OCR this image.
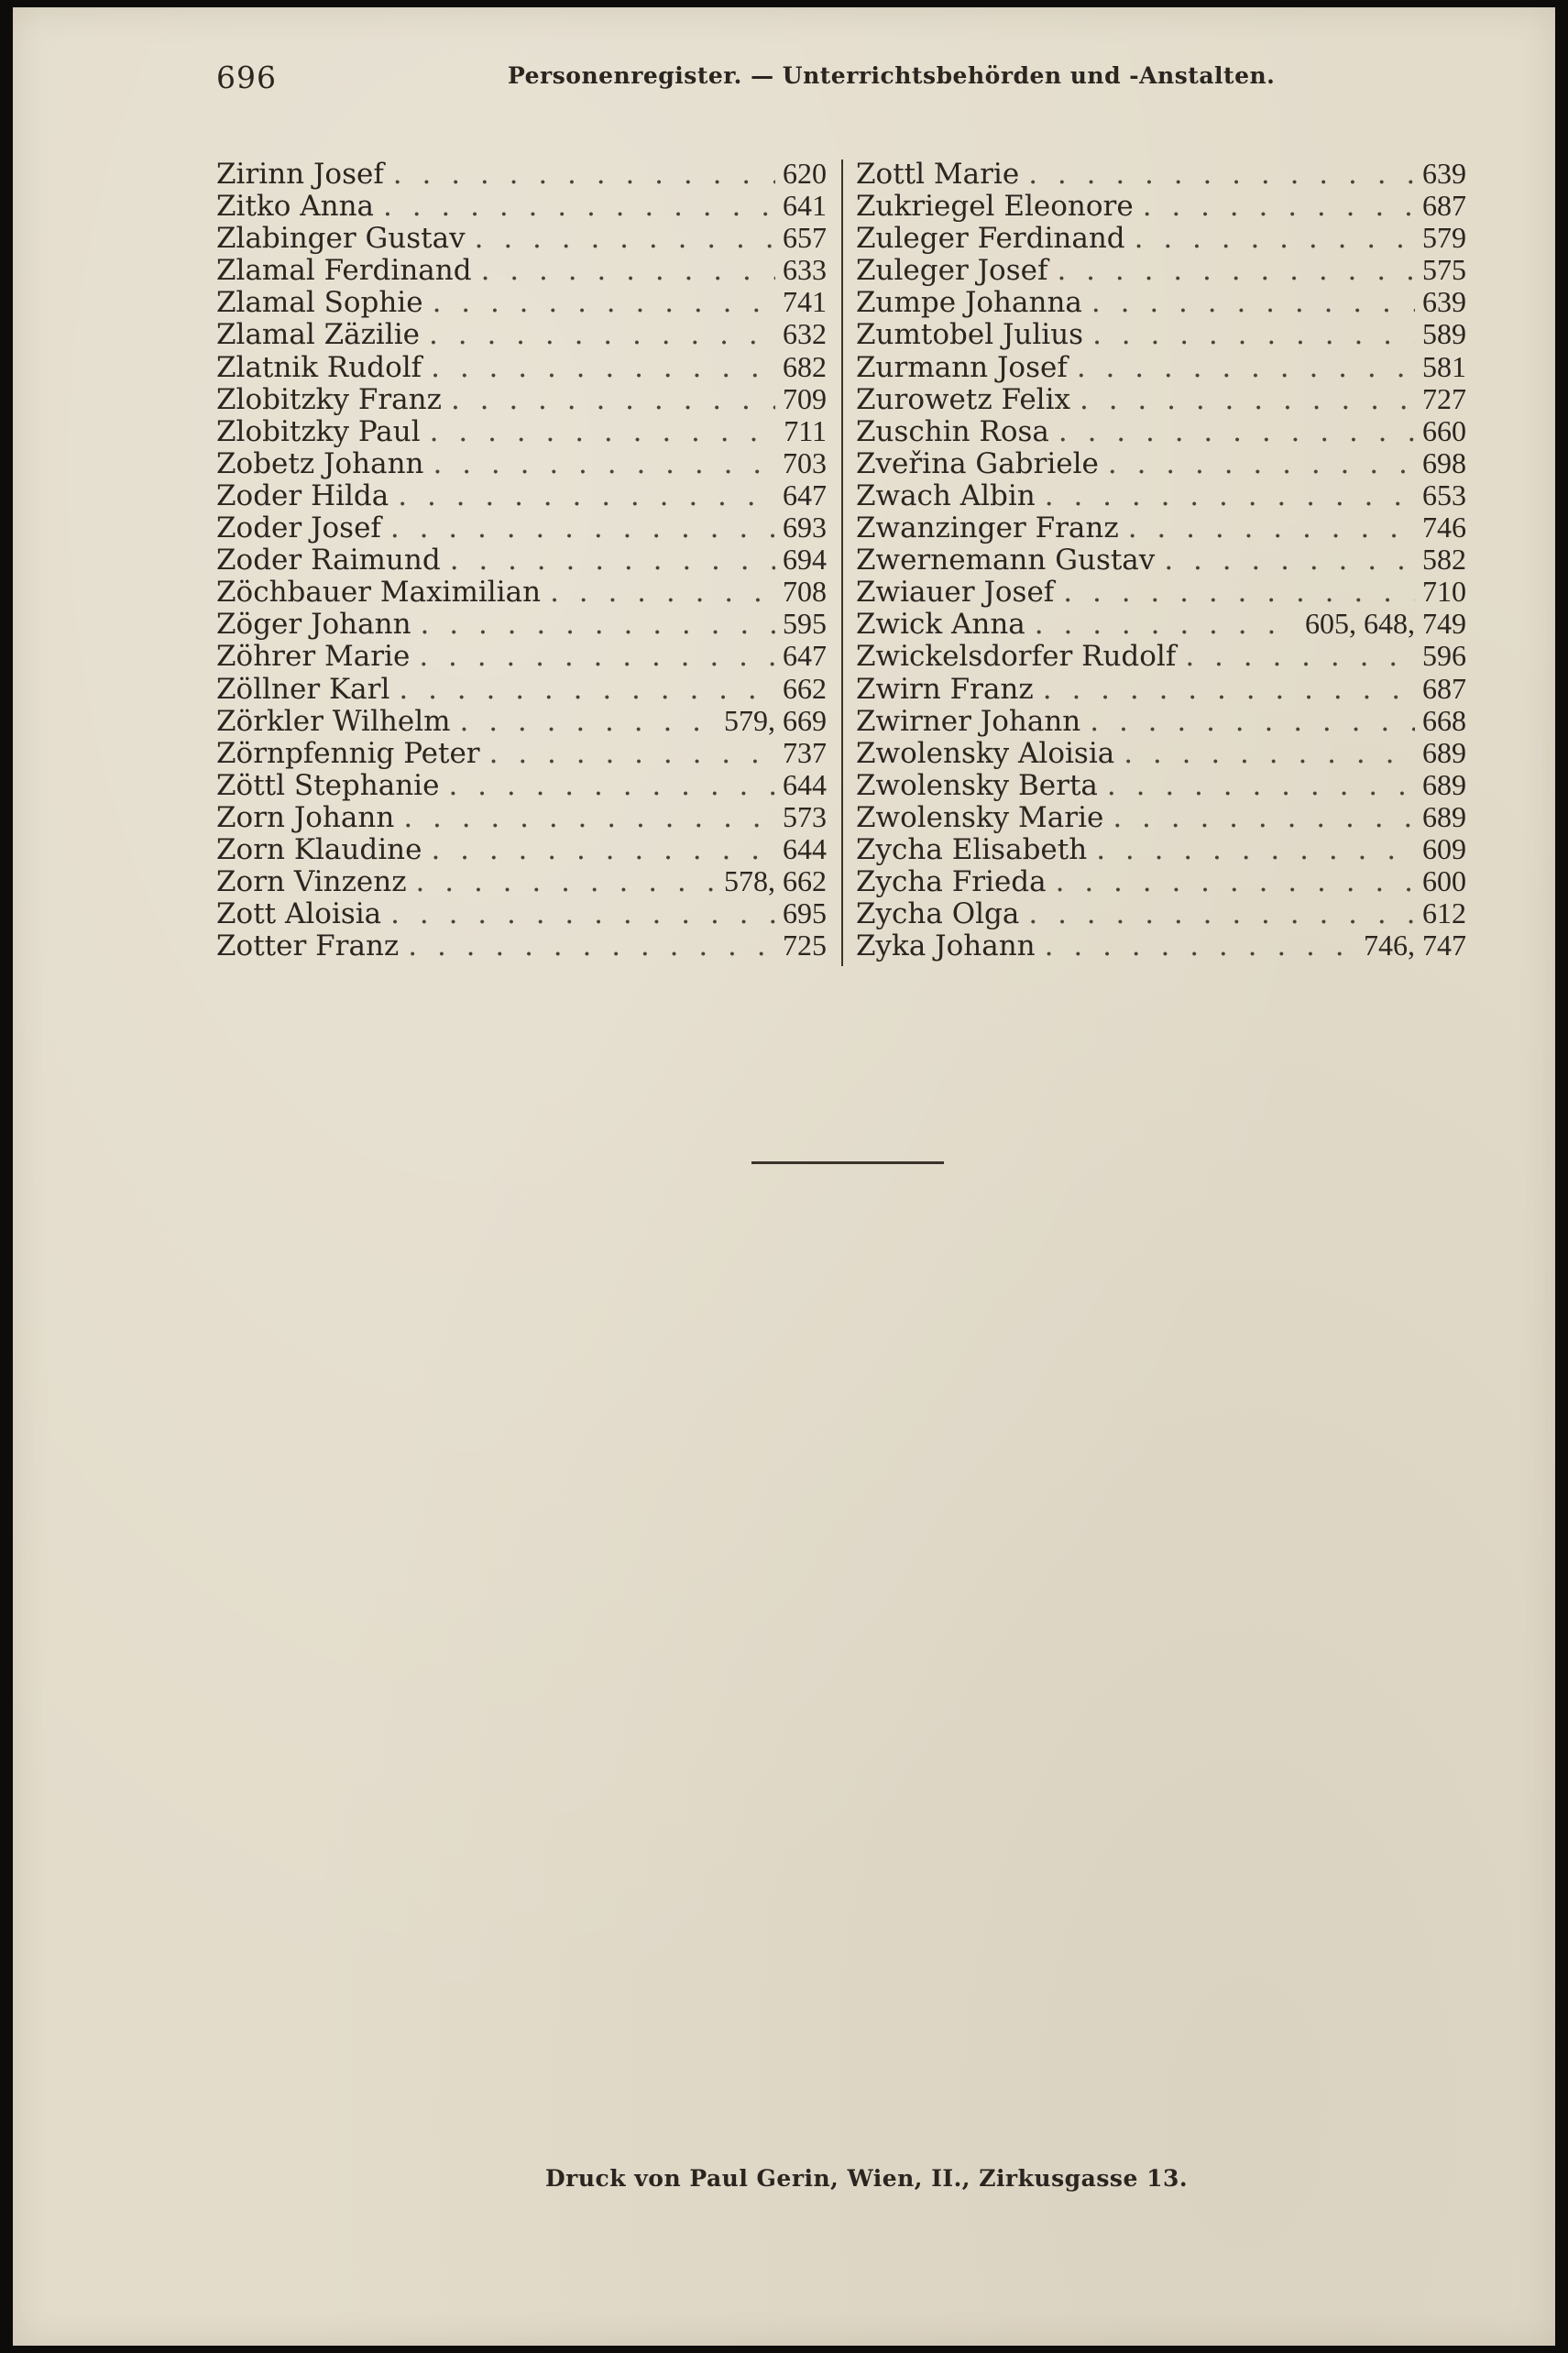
696	Personenregister. — Unterrichtsbehörden und -Anstalten.
Zirinn Josef . . .	620
Zitko Anna . . .	641
Zlabinger Gustav . . .	657
Zlamal Ferdinand . . .	633
Zlamal Sophie . . .	741
Zlamal Zäzilie . . .	632
Zlatnik Rudolf . . .	682
Zlobitzky Franz . . .	709
Zlobitzky Paul . . .	711
Zobetz Johann . . .	703
Zoder Hilda . . .	647
Zoder Josef . . .	693
Zoder Raimund . . .	694
Zöchbauer Maximilian . . .	708
Zöger Johann . . .	595
Zöhrer Marie . . .	647
Zöllner Karl . . .	662
Zörkler Wilhelm . . .	579, 669
Zörnpfennig Peter . . .	737
Zöttl Stephanie . . .	644
Zorn Johann . . .	573
Zorn Klaudine . . .	644
Zorn Vinzenz . . .	578, 662
Zott Aloisia . . .	695
Zotter Franz . . .	725
Zottl Marie . . .	639
Zukriegel Eleonore . . .	687
Zuleger Ferdinand . . .	579
Zuleger Josef . . .	575
Zumpe Johanna . . .	639
Zumtobel Julius . . .	589
Zurmann Josef . . .	581
Zurowetz Felix . . .	727
Zuschin Rosa . . .	660
Zveřina Gabriele . . .	698
Zwach Albin . . .	653
Zwanzinger Franz . . .	746
Zwernemann Gustav . . .	582
Zwiauer Josef . . .	710
Zwick Anna . . .	605, 648, 749
Zwickelsdorfer Rudolf . . .	596
Zwirn Franz . . .	687
Zwirner Johann . . .	668
Zwolensky Aloisia . . .	689
Zwolensky Berta . . .	689
Zwolensky Marie . . .	689
Zycha Elisabeth . . .	609
Zycha Frieda . . .	600
Zycha Olga . . .	612
Zyka Johann . . .	746, 747
Druck von Paul Gerin, Wien, II., Zirkusgasse 13.
